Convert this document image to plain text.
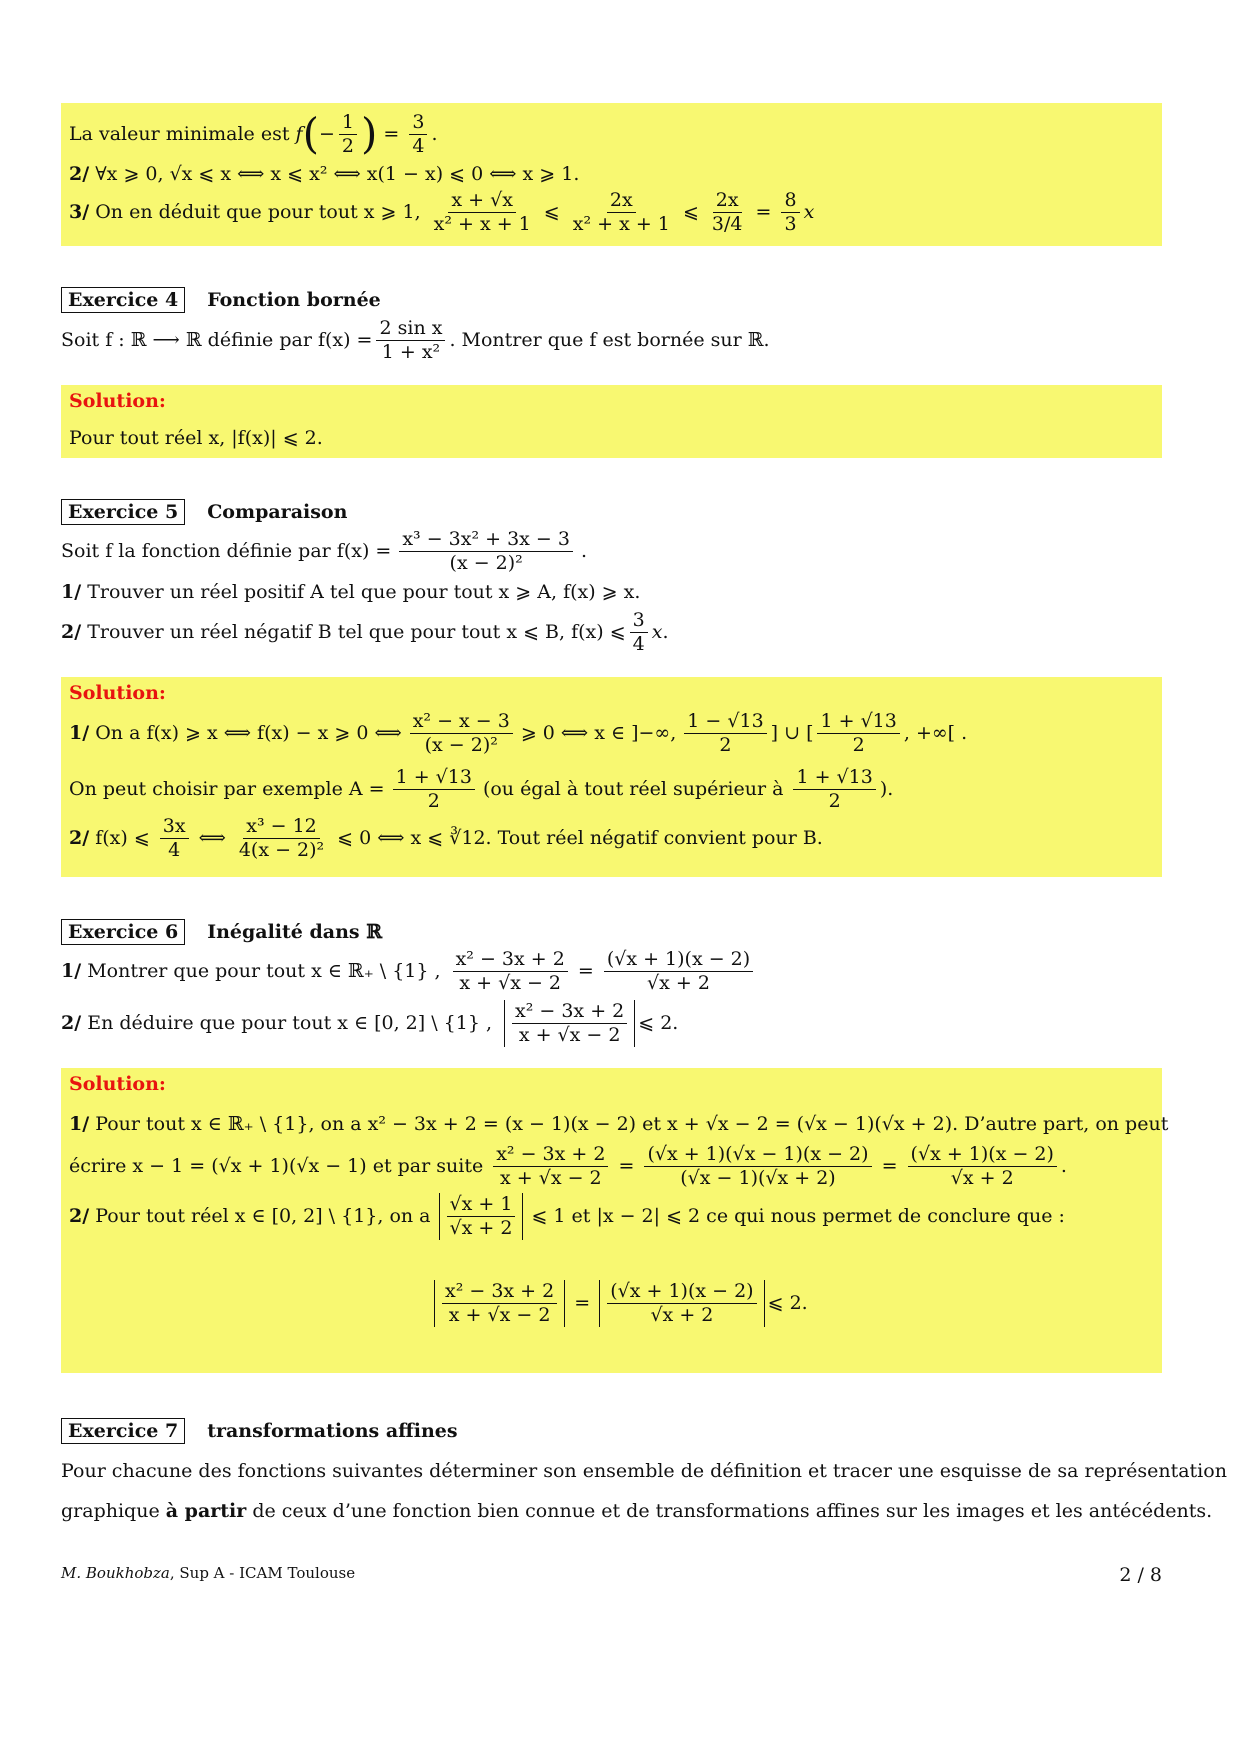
La valeur minimale est
f ( − $\frac{1}{2}$ ) = $\frac{3}{4}$ .
2/
∀x ⩾ 0, √x ⩽ x ⟺ x ⩽ x² ⟺ x(1 − x) ⩽ 0 ⟺ x ⩾ 1.
3/
On en déduit que pour tout x ⩾ 1, $\frac{x + √x}{\text{x² + x + 1}}$ ⩽ $\frac{2x}{\text{x² + x + 1}}$ ⩽ $\frac{2x}{3/4} = \frac{8}{3}$ x
Exercice 4	Fonction bornée
Soit f : ℝ ⟶ ℝ définie par $f(x) = \frac{\text{2 sin x}}{\text{1 + x²}}$ . Montrer que f est bornée sur ℝ.
Solution:
Pour tout réel x, |f(x)| ⩽ 2.
Exercice 5	Comparaison
Soit f la fonction définie par $f(x) = \frac{\text{x³ − 3x² + 3x − 3}}{\text{(x − 2)²}}$ .
1/
Trouver un réel positif A tel que pour tout x ⩾ A, f(x) ⩾ x.
2/
Trouver un réel négatif B tel que pour tout x ⩽ B, f(x) ⩽ $\frac{3}{4}$ x .
Solution:
1/
On a f(x) ⩾ x ⟺ f(x) − x ⩾ 0 ⟺ $\frac{\text{x² − x − 3}}{\text{(x − 2)²}}$ ⩾ 0 ⟺ x ∈ ]−∞, $\frac{1 - √13}{2}$ ] ∪ [ $\frac{1 + √13}{2}$ , +∞[ .
On peut choisir par exemple $A = \frac{1 + √13}{2} (ou$ égal à tout réel supérieur à $\frac{1 + √13}{2}$ ).
2/
f(x) ⩽ $\frac{3x}{4}$ ⟺ $\frac{\text{x³ − 12}}{\text{4(x − 2)²}}$ ⩽ 0 ⟺ x ⩽ ∛12. Tout réel négatif convient pour B.
Exercice 6	Inégalité dans ℝ
1/
Montrer que pour tout x ∈ ℝ₊ \ {1} , $\frac{\text{x² − 3x + 2}}{x + √x - 2} = \frac{(√x + 1)(x - 2)}{√x + 2}$
2/
En déduire que pour tout x ∈ [0, 2] \ {1} , $\frac{\text{x² − 3x + 2}}{x + √x - 2}$ ⩽ 2.
Solution:
1/
Pour tout x ∈ ℝ₊ \ {1}, on a x² − 3x + 2 = (x − 1)(x − 2) et x + √x − 2 = (√x − 1)(√x + 2). D’autre part, on peut
écrire x − 1 = (√x + 1)(√x − 1) et par suite $\frac{\text{x² − 3x + 2}}{x + √x - 2} = \frac{(√x + 1)(√x - 1)(x - 2)}{(√x - 1)(√x + 2)} = \frac{(√x + 1)(x - 2)}{√x + 2}$ .
2/
Pour tout réel x ∈ [0, 2] \ {1}, on a $\frac{√x + 1}{√x + 2}$ ⩽ 1 et |x − 2| ⩽ 2 ce qui nous permet de conclure que :
$\frac{\text{x² − 3x + 2}}{x + √x - 2} = \frac{(√x + 1)(x - 2)}{√x + 2}$ ⩽ 2.
Exercice 7	transformations affines
Pour chacune des fonctions suivantes déterminer son ensemble de définition et tracer une esquisse de sa représentation
graphique
à partir
de ceux d’une fonction bien connue et de transformations affines sur les images et les antécédents.
M. Boukhobza, Sup A - ICAM Toulouse	2 / 8
